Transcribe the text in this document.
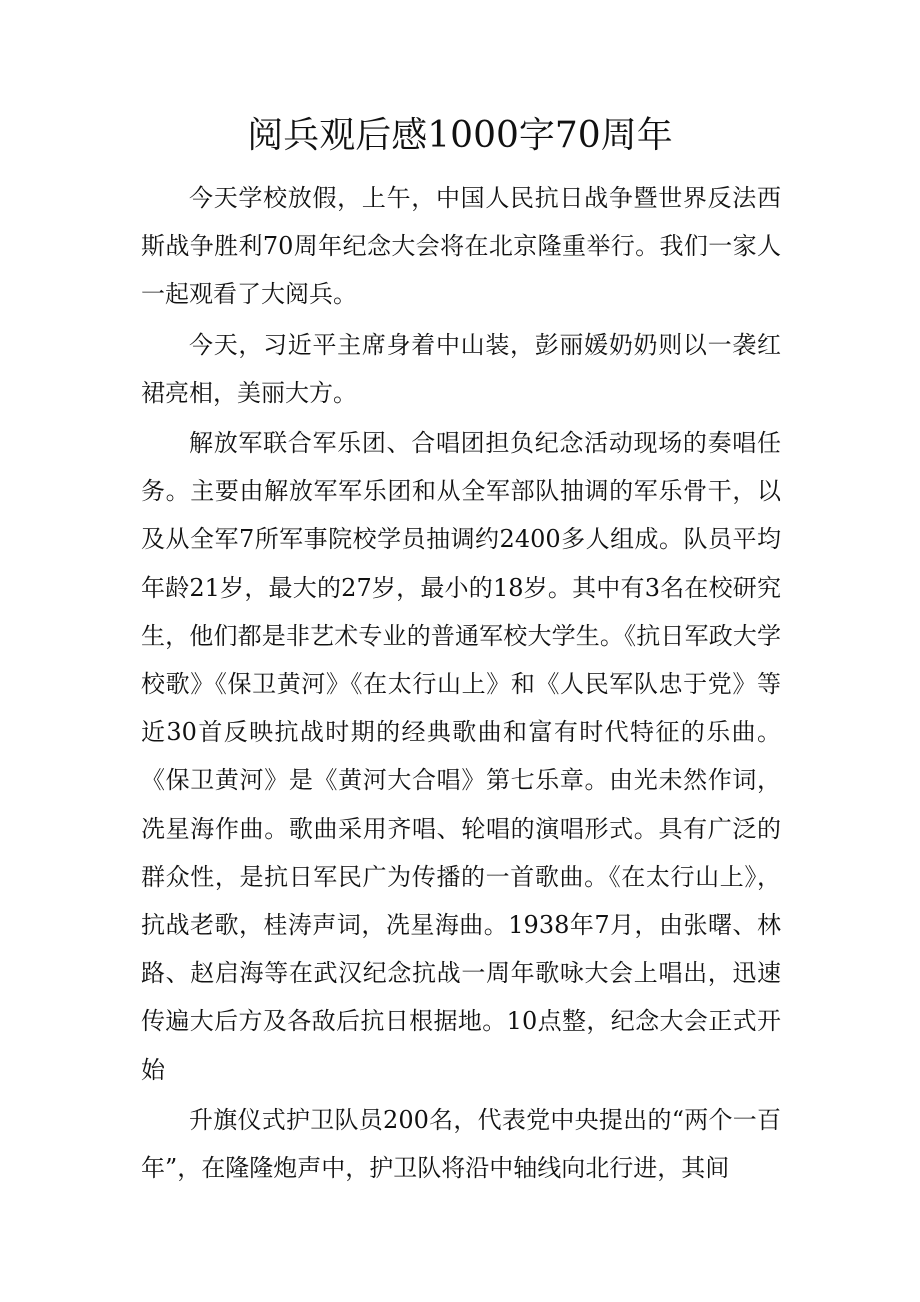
阅兵观后感1000字70周年

今天学校放假，上午，中国人民抗日战争暨世界反法西斯战争胜利70周年纪念大会将在北京隆重举行。我们一家人一起观看了大阅兵。

今天，习近平主席身着中山装，彭丽媛奶奶则以一袭红裙亮相，美丽大方。

解放军联合军乐团、合唱团担负纪念活动现场的奏唱任务。主要由解放军军乐团和从全军部队抽调的军乐骨干，以及从全军7所军事院校学员抽调约2400多人组成。队员平均年龄21岁，最大的27岁，最小的18岁。其中有3名在校研究生，他们都是非艺术专业的普通军校大学生。《抗日军政大学校歌》《保卫黄河》《在太行山上》和《人民军队忠于党》等近30首反映抗战时期的经典歌曲和富有时代特征的乐曲。《保卫黄河》是《黄河大合唱》第七乐章。由光未然作词，冼星海作曲。歌曲采用齐唱、轮唱的演唱形式。具有广泛的群众性，是抗日军民广为传播的一首歌曲。《在太行山上》，抗战老歌，桂涛声词，冼星海曲。1938年7月，由张曙、林路、赵启海等在武汉纪念抗战一周年歌咏大会上唱出，迅速传遍大后方及各敌后抗日根据地。10点整，纪念大会正式开始

升旗仪式护卫队员200名，代表党中央提出的“两个一百年”，在隆隆炮声中，护卫队将沿中轴线向北行进，其间
